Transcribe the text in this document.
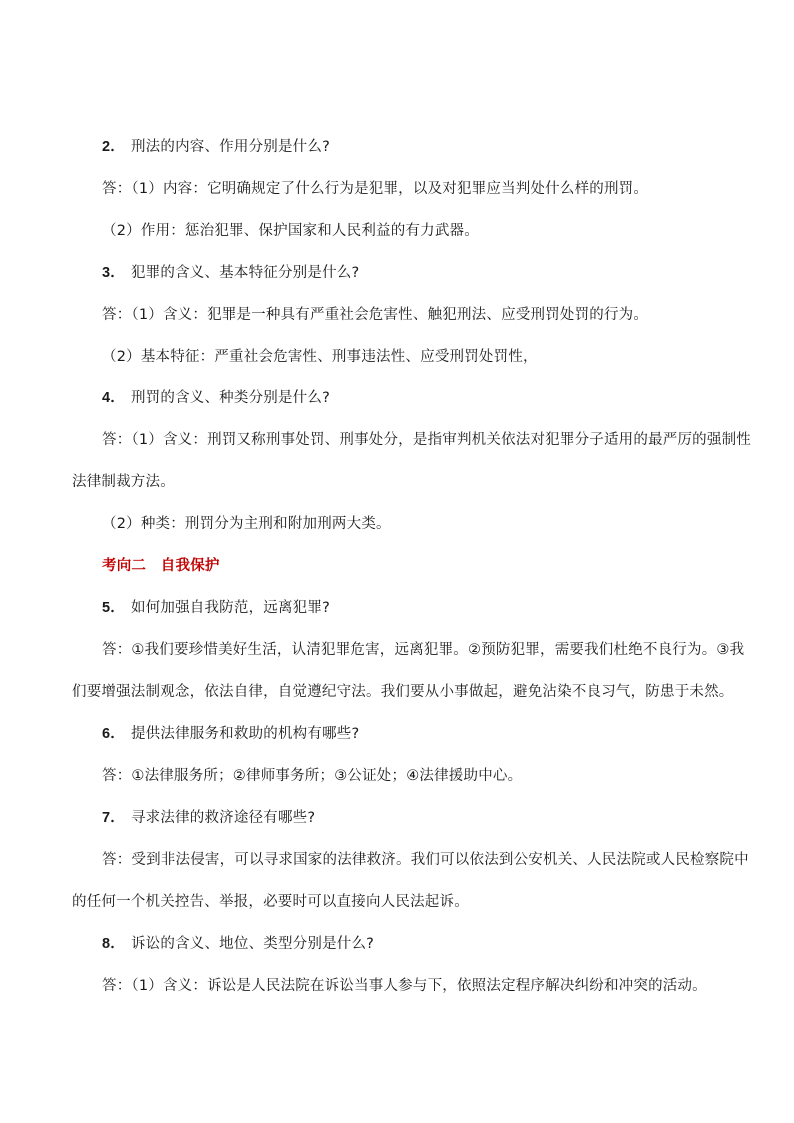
2． 刑法的内容、作用分别是什么?
答：（1）内容：它明确规定了什么行为是犯罪，以及对犯罪应当判处什么样的刑罚。
（2）作用：惩治犯罪、保护国家和人民利益的有力武器。
3． 犯罪的含义、基本特征分别是什么?
答：（1）含义：犯罪是一种具有严重社会危害性、触犯刑法、应受刑罚处罚的行为。
（2）基本特征：严重社会危害性、刑事违法性、应受刑罚处罚性，
4． 刑罚的含义、种类分别是什么?
答：（1）含义：刑罚又称刑事处罚、刑事处分，是指审判机关依法对犯罪分子适用的最严厉的强制性
法律制裁方法。
（2）种类：刑罚分为主刑和附加刑两大类。
考向二　自我保护
5． 如何加强自我防范，远离犯罪?
答：①我们要珍惜美好生活，认清犯罪危害，远离犯罪。②预防犯罪，需要我们杜绝不良行为。③我
们要增强法制观念，依法自律，自觉遵纪守法。我们要从小事做起，避免沾染不良习气，防患于未然。
6． 提供法律服务和救助的机构有哪些?
答：①法律服务所；②律师事务所；③公证处；④法律援助中心。
7． 寻求法律的救济途径有哪些?
答：受到非法侵害，可以寻求国家的法律救济。我们可以依法到公安机关、人民法院或人民检察院中
的任何一个机关控告、举报，必要时可以直接向人民法起诉。
8． 诉讼的含义、地位、类型分别是什么?
答：（1）含义：诉讼是人民法院在诉讼当事人参与下，依照法定程序解决纠纷和冲突的活动。
